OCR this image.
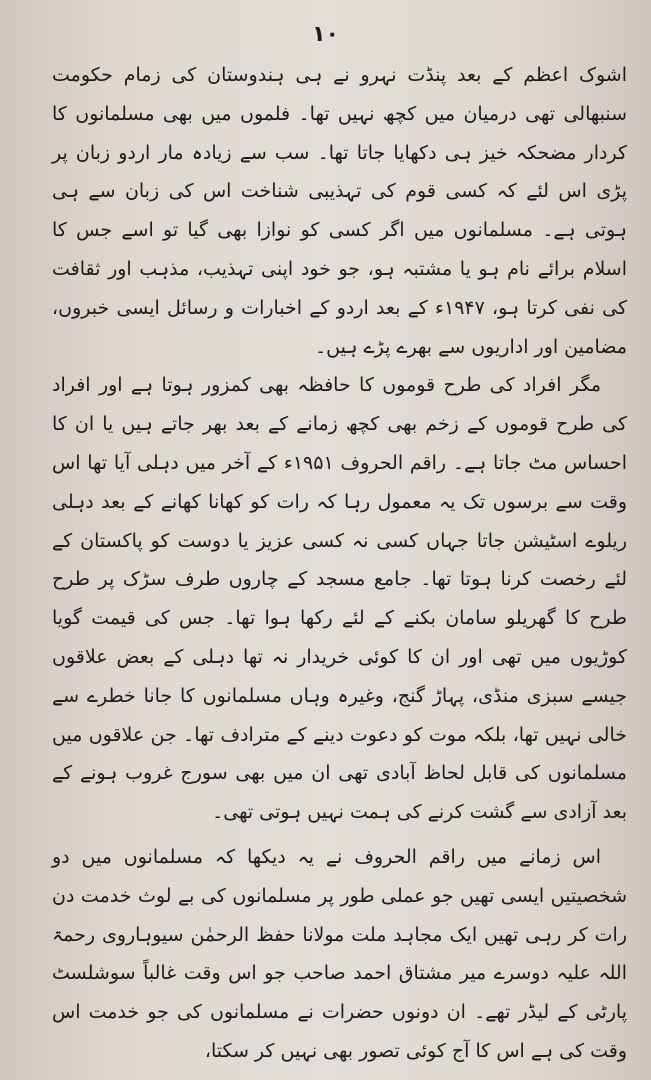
۱۰

اشوک اعظم کے بعد پنڈت نہرو نے ہی ہندوستان کی زمام حکومت سنبھالی تھی درمیان میں کچھ نہیں تھا۔ فلموں میں بھی مسلمانوں کا کردار مضحکہ خیز ہی دکھایا جاتا تھا۔ سب سے زیادہ مار اردو زبان پر پڑی اس لئے کہ کسی قوم کی تہذیبی شناخت اس کی زبان سے ہی ہوتی ہے۔ مسلمانوں میں اگر کسی کو نوازا بھی گیا تو اسے جس کا اسلام برائے نام ہو یا مشتبہ ہو، جو خود اپنی تہذیب، مذہب اور ثقافت کی نفی کرتا ہو، ۱۹۴۷ء کے بعد اردو کے اخبارات و رسائل ایسی خبروں، مضامین اور اداریوں سے بھرے پڑے ہیں۔

مگر افراد کی طرح قوموں کا حافظہ بھی کمزور ہوتا ہے اور افراد کی طرح قوموں کے زخم بھی کچھ زمانے کے بعد بھر جاتے ہیں یا ان کا احساس مٹ جاتا ہے۔ راقم الحروف ۱۹۵۱ء کے آخر میں دہلی آیا تھا اس وقت سے برسوں تک یہ معمول رہا کہ رات کو کھانا کھانے کے بعد دہلی ریلوے اسٹیشن جاتا جہاں کسی نہ کسی عزیز یا دوست کو پاکستان کے لئے رخصت کرنا ہوتا تھا۔ جامع مسجد کے چاروں طرف سڑک پر طرح طرح کا گھریلو سامان بکنے کے لئے رکھا ہوا تھا۔ جس کی قیمت گویا کوڑیوں میں تھی اور ان کا کوئی خریدار نہ تھا دہلی کے بعض علاقوں جیسے سبزی منڈی، پہاڑ گنج، وغیرہ وہاں مسلمانوں کا جانا خطرے سے خالی نہیں تھا، بلکہ موت کو دعوت دینے کے مترادف تھا۔ جن علاقوں میں مسلمانوں کی قابل لحاظ آبادی تھی ان میں بھی سورج غروب ہونے کے بعد آزادی سے گشت کرنے کی ہمت نہیں ہوتی تھی۔

اس زمانے میں راقم الحروف نے یہ دیکھا کہ مسلمانوں میں دو شخصیتیں ایسی تھیں جو عملی طور پر مسلمانوں کی بے لوث خدمت دن رات کر رہی تھیں ایک مجاہد ملت مولانا حفظ الرحمٰن سیوہاروی رحمۃ اللہ علیہ دوسرے میر مشتاق احمد صاحب جو اس وقت غالباً سوشلسٹ پارٹی کے لیڈر تھے۔ ان دونوں حضرات نے مسلمانوں کی جو خدمت اس وقت کی ہے اس کا آج کوئی تصور بھی نہیں کر سکتا،
